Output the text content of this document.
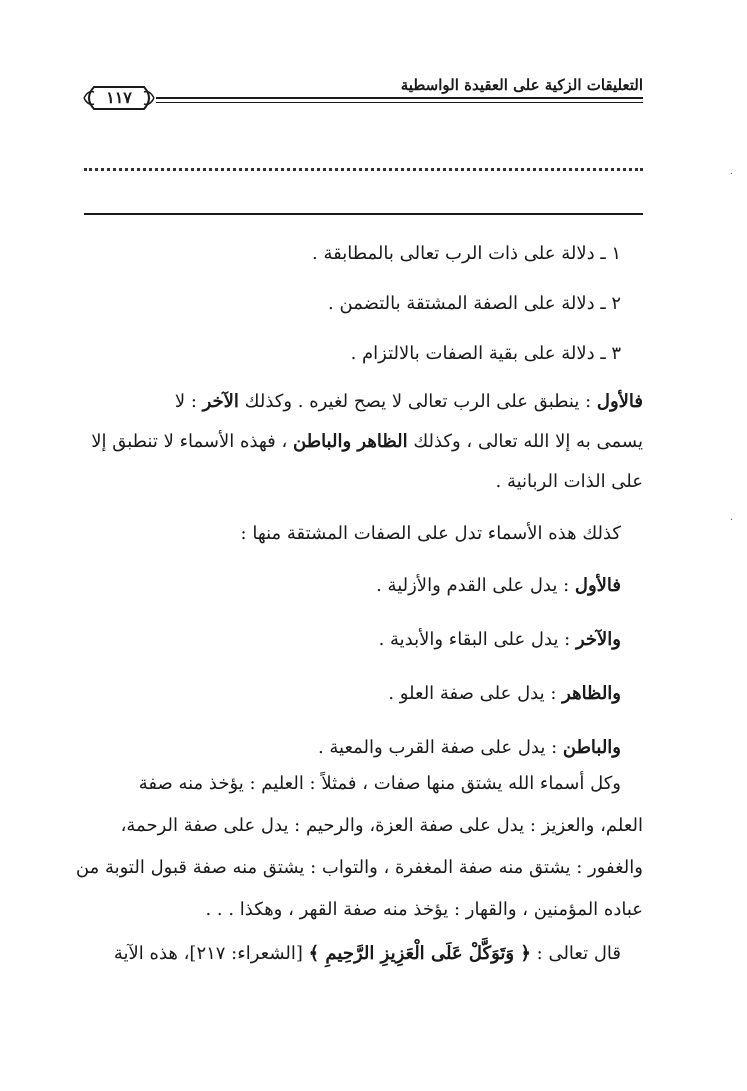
التعليقات الزكية على العقيدة الواسطية
١١٧
.
١ ـ دلالة على ذات الرب تعالى بالمطابقة .
٢ ـ دلالة على الصفة المشتقة بالتضمن .
٣ ـ دلالة على بقية الصفات بالالتزام .
فالأول : ينطبق على الرب تعالى لا يصح لغيره . وكذلك الآخر : لا
يسمى به إلا الله تعالى ، وكذلك الظاهر والباطن ، فهذه الأسماء لا تنطبق إلا
على الذات الربانية .
.
كذلك هذه الأسماء تدل على الصفات المشتقة منها :
فالأول : يدل على القدم والأزلية .
والآخر : يدل على البقاء والأبدية .
والظاهر : يدل على صفة العلو .
والباطن : يدل على صفة القرب والمعية .
وكل أسماء الله يشتق منها صفات ، فمثلاً : العليم : يؤخذ منه صفة
العلم، والعزيز : يدل على صفة العزة، والرحيم : يدل على صفة الرحمة،
والغفور : يشتق منه صفة المغفرة ، والتواب : يشتق منه صفة قبول التوبة من
عباده المؤمنين ، والقهار : يؤخذ منه صفة القهر ، وهكذا . . .
قال تعالى : ﴿ وَتَوَكَّلْ عَلَى الْعَزِيزِ الرَّحِيمِ ﴾ [الشعراء: ٢١٧]، هذه الآية
